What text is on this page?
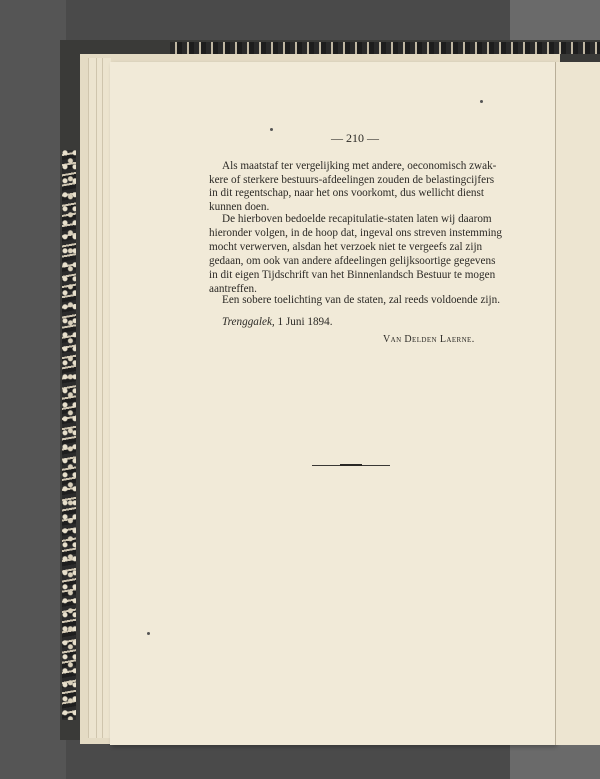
— 210 —
Als maatstaf ter vergelijking met andere, oeconomisch zwak-
kere of sterkere bestuurs-afdeelingen zouden de belastingcijfers
in dit regentschap, naar het ons voorkomt, dus wellicht dienst
kunnen doen.
De hierboven bedoelde recapitulatie-staten laten wij daarom
hieronder volgen, in de hoop dat, ingeval ons streven instemming
mocht verwerven, alsdan het verzoek niet te vergeefs zal zijn
gedaan, om ook van andere afdeelingen gelijksoortige gegevens
in dit eigen Tijdschrift van het Binnenlandsch Bestuur te mogen
aantreffen.
Een sobere toelichting van de staten, zal reeds voldoende zijn.
Trenggalek, 1 Juni 1894.
Van Delden Laerne.
